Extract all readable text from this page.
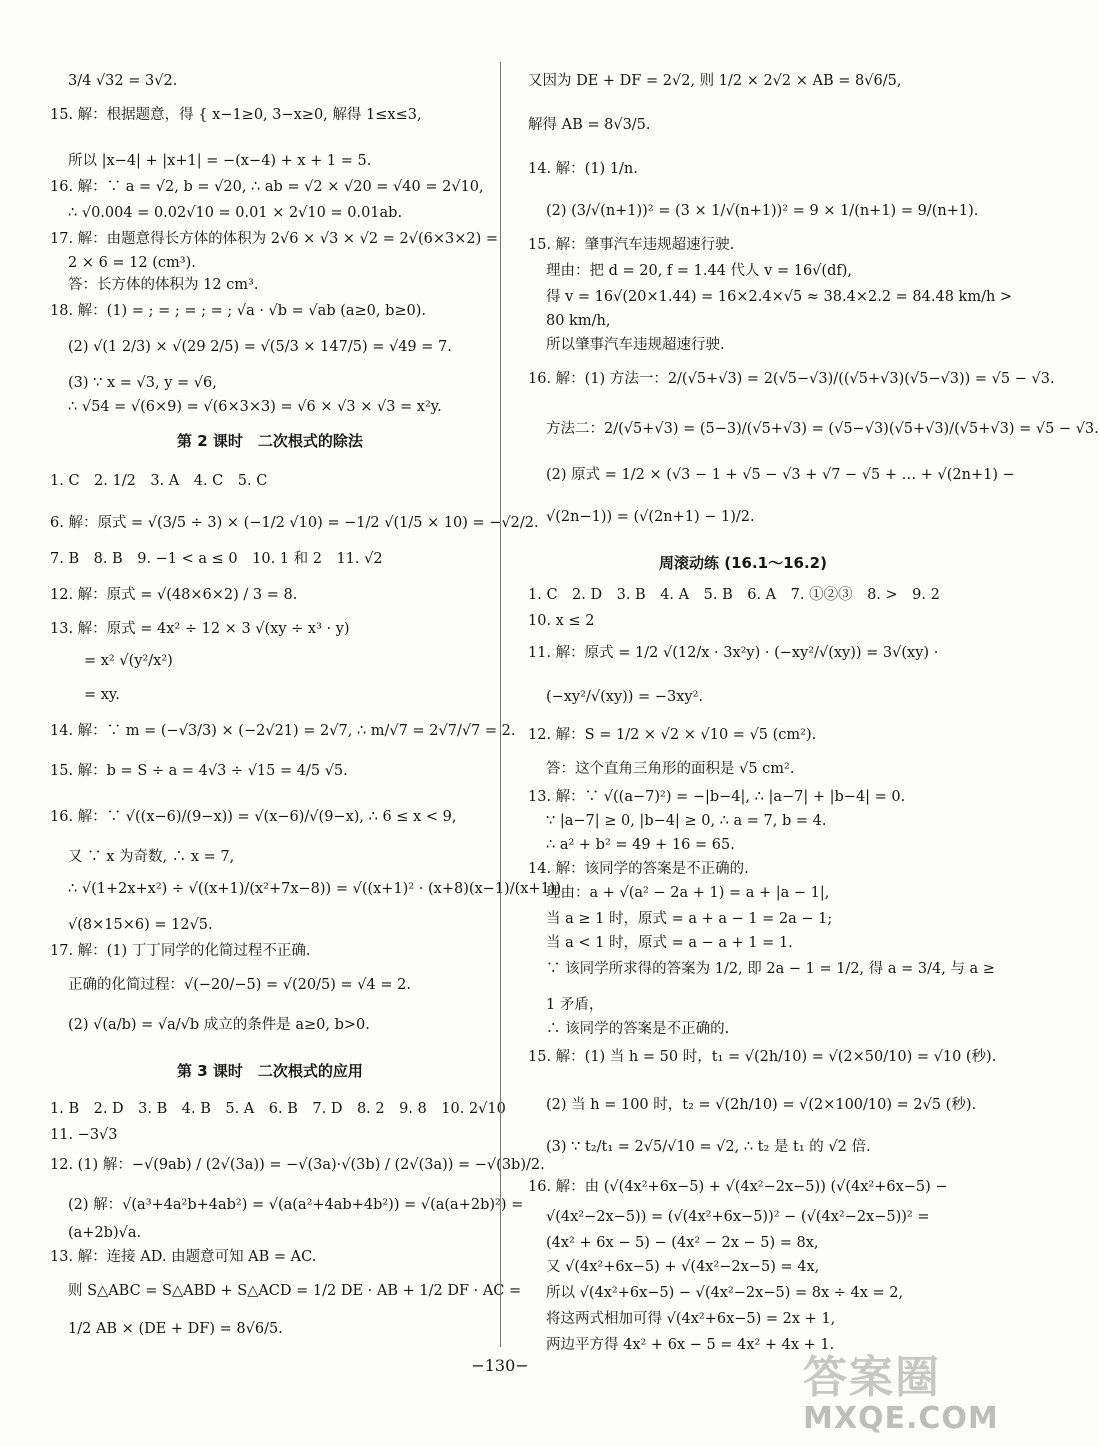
3/4 √32 = 3√2.
15. 解：根据题意，得 { x−1≥0, 3−x≥0, 解得 1≤x≤3,
所以 |x−4| + |x+1| = −(x−4) + x + 1 = 5.
16. 解：∵ a = √2, b = √20, ∴ ab = √2 × √20 = √40 = 2√10,
∴ √0.004 = 0.02√10 = 0.01 × 2√10 = 0.01ab.
17. 解：由题意得长方体的体积为 2√6 × √3 × √2 = 2√(6×3×2) =
2 × 6 = 12 (cm³).
答：长方体的体积为 12 cm³.
18. 解：(1) = ; = ; = ; = ; √a · √b = √ab (a≥0, b≥0).
(2) √(1 2/3) × √(29 2/5) = √(5/3 × 147/5) = √49 = 7.
(3) ∵ x = √3, y = √6,
∴ √54 = √(6×9) = √(6×3×3) = √6 × √3 × √3 = x²y.
第 2 课时　二次根式的除法
1. C　2. 1/2　3. A　4. C　5. C
6. 解：原式 = √(3/5 ÷ 3) × (−1/2 √10) = −1/2 √(1/5 × 10) = −√2/2.
7. B　8. B　9. −1 < a ≤ 0　10. 1 和 2　11. √2
12. 解：原式 = √(48×6×2) / 3 = 8.
13. 解：原式 = 4x² ÷ 12 × 3 √(xy ÷ x³ · y)
= x² √(y²/x²)
= xy.
14. 解：∵ m = (−√3/3) × (−2√21) = 2√7, ∴ m/√7 = 2√7/√7 = 2.
15. 解：b = S ÷ a = 4√3 ÷ √15 = 4/5 √5.
16. 解：∵ √((x−6)/(9−x)) = √(x−6)/√(9−x), ∴ 6 ≤ x < 9,
又 ∵ x 为奇数, ∴ x = 7,
∴ √(1+2x+x²) ÷ √((x+1)/(x²+7x−8)) = √((x+1)² · (x+8)(x−1)/(x+1))
√(8×15×6) = 12√5.
17. 解：(1) 丁丁同学的化简过程不正确.
正确的化简过程：√(−20/−5) = √(20/5) = √4 = 2.
(2) √(a/b) = √a/√b 成立的条件是 a≥0, b>0.
第 3 课时　二次根式的应用
1. B　2. D　3. B　4. B　5. A　6. B　7. D　8. 2　9. 8　10. 2√10
11. −3√3
12. (1) 解：−√(9ab) / (2√(3a)) = −√(3a)·√(3b) / (2√(3a)) = −√(3b)/2.
(2) 解：√(a³+4a²b+4ab²) = √(a(a²+4ab+4b²)) = √(a(a+2b)²) =
(a+2b)√a.
13. 解：连接 AD. 由题意可知 AB = AC.
则 S△ABC = S△ABD + S△ACD = 1/2 DE · AB + 1/2 DF · AC =
1/2 AB × (DE + DF) = 8√6/5.
又因为 DE + DF = 2√2, 则 1/2 × 2√2 × AB = 8√6/5,
解得 AB = 8√3/5.
14. 解：(1) 1/n.
(2) (3/√(n+1))² = (3 × 1/√(n+1))² = 9 × 1/(n+1) = 9/(n+1).
15. 解：肇事汽车违规超速行驶.
理由：把 d = 20, f = 1.44 代人 v = 16√(df),
得 v = 16√(20×1.44) = 16×2.4×√5 ≈ 38.4×2.2 = 84.48 km/h >
80 km/h,
所以肇事汽车违规超速行驶.
16. 解：(1) 方法一：2/(√5+√3) = 2(√5−√3)/((√5+√3)(√5−√3)) = √5 − √3.
方法二：2/(√5+√3) = (5−3)/(√5+√3) = (√5−√3)(√5+√3)/(√5+√3) = √5 − √3.
(2) 原式 = 1/2 × (√3 − 1 + √5 − √3 + √7 − √5 + … + √(2n+1) −
√(2n−1)) = (√(2n+1) − 1)/2.
周滚动练 (16.1～16.2)
1. C　2. D　3. B　4. A　5. B　6. A　7. ①②③　8. >　9. 2
10. x ≤ 2
11. 解：原式 = 1/2 √(12/x · 3x²y) · (−xy²/√(xy)) = 3√(xy) ·
(−xy²/√(xy)) = −3xy².
12. 解：S = 1/2 × √2 × √10 = √5 (cm²).
答：这个直角三角形的面积是 √5 cm².
13. 解：∵ √((a−7)²) = −|b−4|, ∴ |a−7| + |b−4| = 0.
∵ |a−7| ≥ 0, |b−4| ≥ 0, ∴ a = 7, b = 4.
∴ a² + b² = 49 + 16 = 65.
14. 解：该同学的答案是不正确的.
理由：a + √(a² − 2a + 1) = a + |a − 1|,
当 a ≥ 1 时，原式 = a + a − 1 = 2a − 1;
当 a < 1 时，原式 = a − a + 1 = 1.
∵ 该同学所求得的答案为 1/2, 即 2a − 1 = 1/2, 得 a = 3/4, 与 a ≥
1 矛盾，
∴ 该同学的答案是不正确的.
15. 解：(1) 当 h = 50 时，t₁ = √(2h/10) = √(2×50/10) = √10 (秒).
(2) 当 h = 100 时，t₂ = √(2h/10) = √(2×100/10) = 2√5 (秒).
(3) ∵ t₂/t₁ = 2√5/√10 = √2, ∴ t₂ 是 t₁ 的 √2 倍.
16. 解：由 (√(4x²+6x−5) + √(4x²−2x−5)) (√(4x²+6x−5) −
√(4x²−2x−5)) = (√(4x²+6x−5))² − (√(4x²−2x−5))² =
(4x² + 6x − 5) − (4x² − 2x − 5) = 8x,
又 √(4x²+6x−5) + √(4x²−2x−5) = 4x,
所以 √(4x²+6x−5) − √(4x²−2x−5) = 8x ÷ 4x = 2,
将这两式相加可得 √(4x²+6x−5) = 2x + 1,
两边平方得 4x² + 6x − 5 = 4x² + 4x + 1.
−130−	答案圈
MXQE.COM
